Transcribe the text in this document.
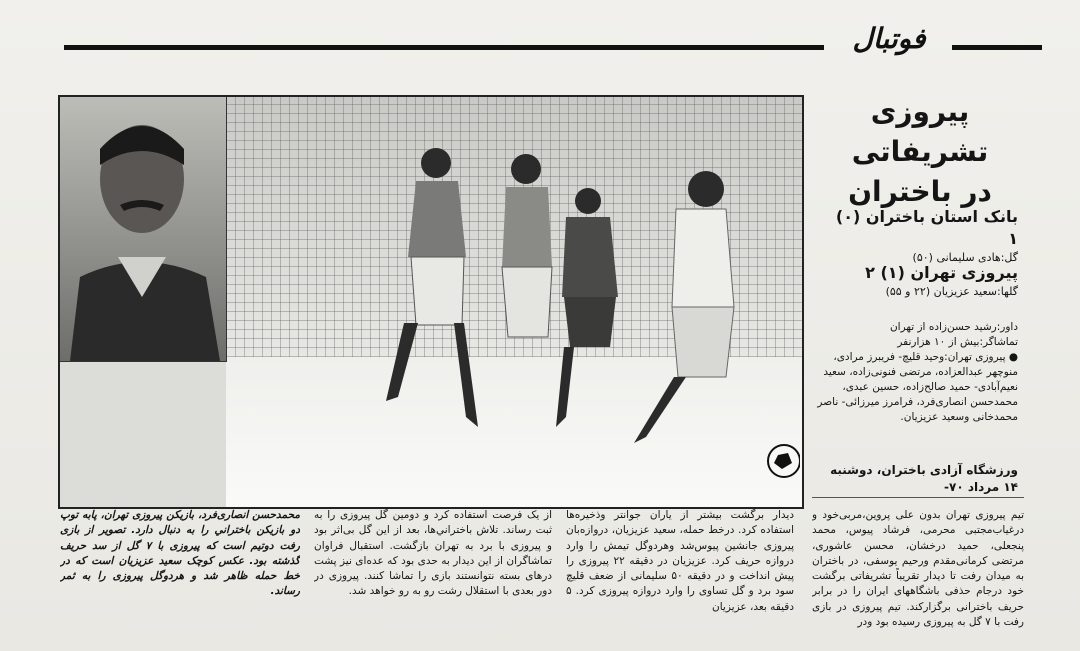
فوتبال
پیروزی تشریفاتی
در باختران
بانک استان باختران (۰) ۱
گل:هادی سلیمانی (۵۰)
پیروزی تهران (۱) ۲
گلها:سعید عزیزیان (۲۲ و ۵۵)
داور:رشید حسن‌زاده از تهران
تماشاگر:بیش از ۱۰ هزارنفر
● پیروزی تهران:وحید قلیچ- فریبرز مرادی، منوچهر عبدالعزاده، مرتضی فنونی‌زاده، سعید نعیم‌آبادی- حمید صالح‌زاده، حسین عبدی، محمدحسن انصاری‌فرد، فرامرز میرزائی- ناصر محمدخانی وسعید عزیزیان.
ورزشگاه آزادی باختران، دوشنبه ۱۴ مرداد ۷۰-
تیم پیروزی تهران بدون علی پروین،مربی‌خود و درغیاب‌مجتبی محرمی، فرشاد پیوس، محمد پنجعلی، حمید درخشان، محسن عاشوری، مرتضی کرمانی‌مقدم ورحیم یوسفی، در باختران به میدان رفت تا دیدار تقریباً تشریفاتی برگشت خود درجام حذفی باشگاههای ایران را در برابر حریف باخترانی برگزارکند. تیم پیروزی در بازی رفت با ۷ گل به پیروزی رسیده بود ودر
دیدار برگشت بیشتر از یاران جوانتر وذخیره‌ها استفاده کرد. درخط حمله، سعید عزیزیان، دروازه‌بان پیروزی جانشین پیوس‌شد وهردوگل تیمش را وارد دروازه حریف کرد. عزیزیان در دقیقه ۲۲ پیروزی را پیش انداخت و در دقیقه ۵۰ سلیمانی از ضعف قلیچ سود برد و گل تساوی را وارد دروازه پیروزی کرد. ۵ دقیقه بعد، عزیزیان
از یک فرصت استفاده کرد و دومین گل پیروزی را به ثبت رساند. تلاش باختراني‌ها، بعد از این گل بی‌اثر بود و پیروزی با برد به تهران بازگشت. استقبال فراوان تماشاگران از این دیدار به حدی بود که عده‌ای نیز پشت درهای بسته نتوانستند بازی را تماشا کنند. پیروزی در دور بعدی با استقلال رشت رو به رو خواهد شد.
محمدحسن انصاری‌فرد، بازیکن پیروزی تهران، پابه توپ دو بازیکن باختراني را به دنبال دارد. تصویر از بازی رفت دوتیم است که پیروزی با ۷ گل از سد حریف گذشته بود. عکس کوچک سعید عزیزیان است که در خط حمله ظاهر شد و هردوگل پیروزی را به ثمر رساند.
